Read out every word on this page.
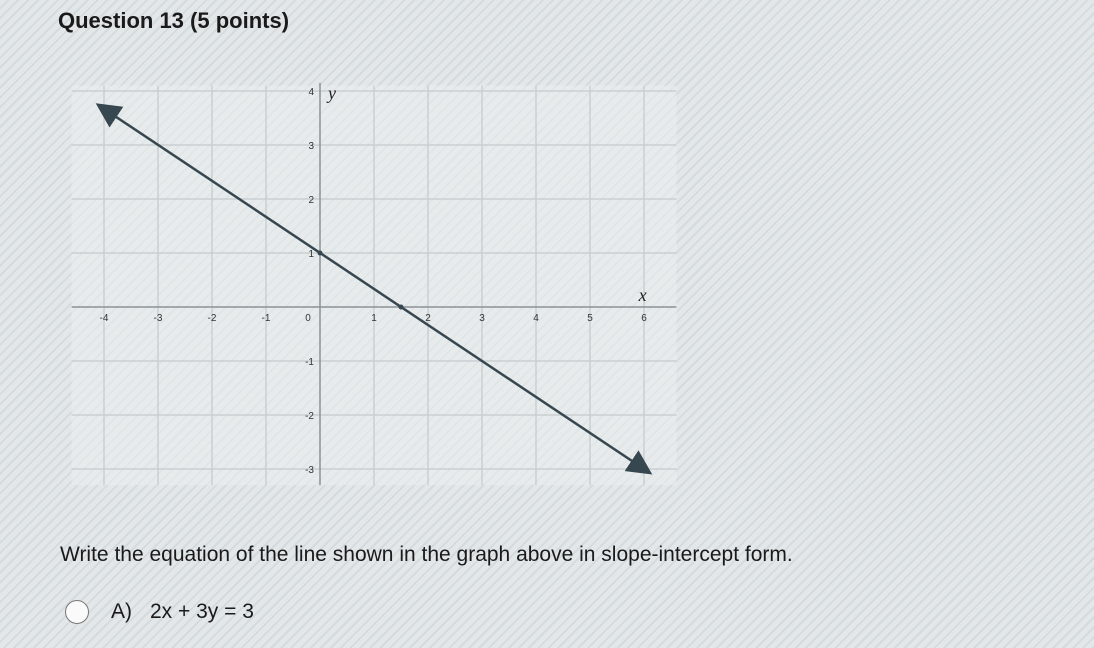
Question 13 (5 points)
-4	-3	-2	-1	0	1	2	3	4	5	6
4
3
2
1
-1
-2
-3
x
y
Write the equation of the line shown in the graph above in slope-intercept form.
A) 2x + 3y = 3
